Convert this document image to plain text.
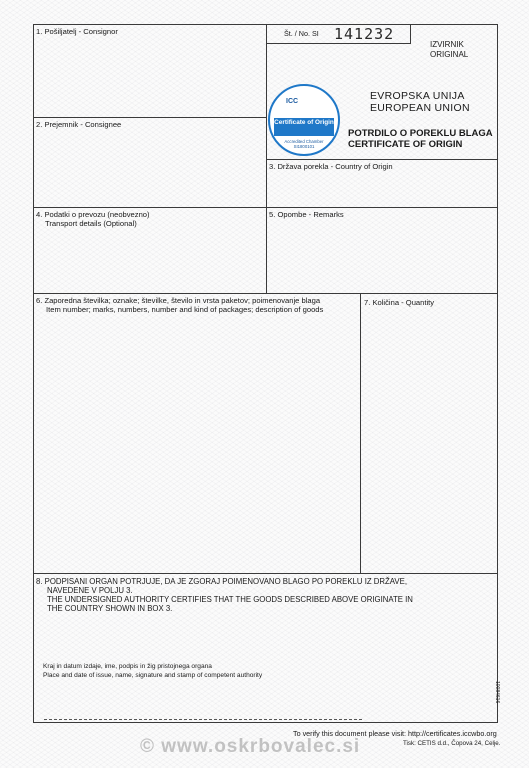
1. Pošiljatelj - Consignor	Št. / No. SI 141232
IZVIRNIK
ORIGINAL
ICC
Certificate of Origin
Accredited Chamber
SI1800101
EVROPSKA UNIJA
EUROPEAN UNION
POTRDILO O POREKLU BLAGA
CERTIFICATE OF ORIGIN
2. Prejemnik - Consignee
3. Država porekla - Country of Origin
4. Podatki o prevozu (neobvezno)
Transport details (Optional)
5. Opombe - Remarks
6. Zaporedna številka; oznake; številke, število in vrsta paketov; poimenovanje blaga
Item number; marks, numbers, number and kind of packages; description of goods
7. Količina - Quantity
8. PODPISANI ORGAN POTRJUJE, DA JE ZGORAJ POIMENOVANO BLAGO PO POREKLU IZ DRŽAVE,
NAVEDENE V POLJU 3.
THE UNDERSIGNED AUTHORITY CERTIFIES THAT THE GOODS DESCRIBED ABOVE ORIGINATE IN
THE COUNTRY SHOWN IN BOX 3.
Kraj in datum izdaje, ime, podpis in žig pristojnega organa
Place and date of issue, name, signature and stamp of competent authority
To verify this document please visit: http://certificates.iccwbo.org
Tisk: CETIS d.d., Čopova 24, Celje.
10084616
© www.oskrbovalec.si
